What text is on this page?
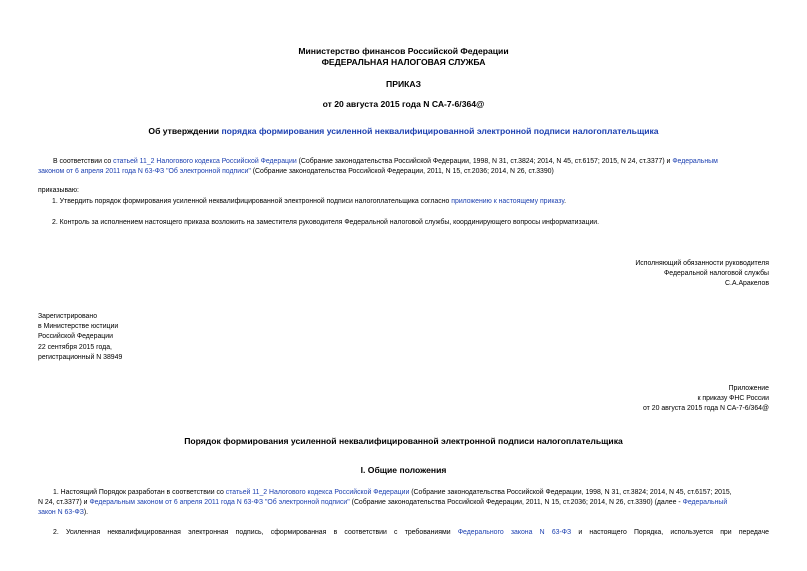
Министерство финансов Российской Федерации
ФЕДЕРАЛЬНАЯ НАЛОГОВАЯ СЛУЖБА
ПРИКАЗ
от 20 августа 2015 года N СА-7-6/364@
Об утверждении порядка формирования усиленной неквалифицированной электронной подписи налогоплательщика
В соответствии со статьей 11_2 Налогового кодекса Российской Федерации (Собрание законодательства Российской Федерации, 1998, N 31, ст.3824; 2014, N 45, ст.6157; 2015, N 24, ст.3377) и Федеральным
законом от 6 апреля 2011 года N 63-ФЗ "Об электронной подписи" (Собрание законодательства Российской Федерации, 2011, N 15, ст.2036; 2014, N 26, ст.3390)
приказываю:
1. Утвердить порядок формирования усиленной неквалифицированной электронной подписи налогоплательщика согласно приложению к настоящему приказу.
2. Контроль за исполнением настоящего приказа возложить на заместителя руководителя Федеральной налоговой службы, координирующего вопросы информатизации.
Исполняющий обязанности руководителя
Федеральной налоговой службы
С.А.Аракелов
Зарегистрировано
в Министерстве юстиции
Российской Федерации
22 сентября 2015 года,
регистрационный N 38949
Приложение
к приказу ФНС России
от 20 августа 2015 года N СА-7-6/364@
Порядок формирования усиленной неквалифицированной электронной подписи налогоплательщика
I. Общие положения
1. Настоящий Порядок разработан в соответствии со статьей 11_2 Налогового кодекса Российской Федерации (Собрание законодательства Российской Федерации, 1998, N 31, ст.3824; 2014, N 45, ст.6157; 2015,
N 24, ст.3377) и Федеральным законом от 6 апреля 2011 года N 63-ФЗ "Об электронной подписи" (Собрание законодательства Российской Федерации, 2011, N 15, ст.2036; 2014, N 26, ст.3390) (далее - Федеральный
закон N 63-ФЗ).
2. Усиленная неквалифицированная электронная подпись, сформированная в соответствии с требованиями Федерального закона N 63-ФЗ и настоящего Порядка, используется при передаче
